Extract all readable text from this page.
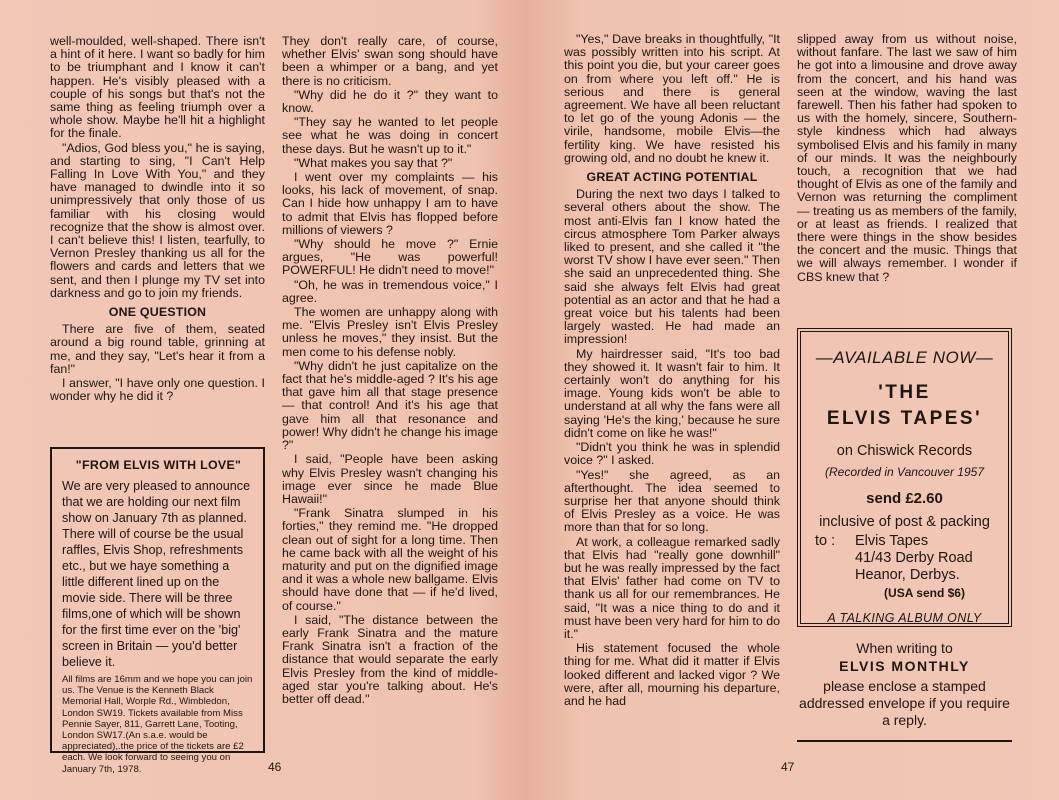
well-moulded, well-shaped. There isn't a hint of it here. I want so badly for him to be triumphant and I know it can't happen. He's visibly pleased with a couple of his songs but that's not the same thing as feeling triumph over a whole show. Maybe he'll hit a highlight for the finale.

"Adios, God bless you," he is saying, and starting to sing, "I Can't Help Falling In Love With You," and they have managed to dwindle into it so unimpressively that only those of us familiar with his closing would recognize that the show is almost over. I can't believe this! I listen, tearfully, to Vernon Presley thanking us all for the flowers and cards and letters that we sent, and then I plunge my TV set into darkness and go to join my friends.

ONE QUESTION

There are five of them, seated around a big round table, grinning at me, and they say, "Let's hear it from a fan!"

I answer, "I have only one question. I wonder why he did it ?

They don't really care, of course, whether Elvis' swan song should have been a whimper or a bang, and yet there is no criticism.

"Why did he do it ?" they want to know.

"They say he wanted to let people see what he was doing in concert these days. But he wasn't up to it."

"What makes you say that ?"

I went over my complaints — his looks, his lack of movement, of snap. Can I hide how unhappy I am to have to admit that Elvis has flopped before millions of viewers ?

"Why should he move ?" Ernie argues, "He was powerful! POWERFUL! He didn't need to move!"

"Oh, he was in tremendous voice," I agree.

The women are unhappy along with me. "Elvis Presley isn't Elvis Presley unless he moves," they insist. But the men come to his defense nobly.

"Why didn't he just capitalize on the fact that he's middle-aged ? It's his age that gave him all that stage presence — that control! And it's his age that gave him all that resonance and power! Why didn't he change his image ?"

I said, "People have been asking why Elvis Presley wasn't changing his image ever since he made Blue Hawaii!"

"Frank Sinatra slumped in his forties," they remind me. "He dropped clean out of sight for a long time. Then he came back with all the weight of his maturity and put on the dignified image and it was a whole new ballgame. Elvis should have done that — if he'd lived, of course."

I said, "The distance between the early Frank Sinatra and the mature Frank Sinatra isn't a fraction of the distance that would separate the early Elvis Presley from the kind of middle-aged star you're talking about. He's better off dead."

"FROM ELVIS WITH LOVE"
We are very pleased to announce that we are holding our next film show on January 7th as planned. There will of course be the usual raffles, Elvis Shop, refreshments etc., but we haye something a little different lined up on the movie side. There will be three films,one of which will be shown for the first time ever on the 'big' screen in Britain — you'd better believe it.
All films are 16mm and we hope you can join us. The Venue is the Kenneth Black Memorial Hall, Worple Rd., Wimbledon, London SW19. Tickets available from Miss Pennie Sayer, 811, Garrett Lane, Tooting, London SW17.(An s.a.e. would be appreciated),.the price of the tickets are £2 each. We look forward to seeing you on January 7th, 1978.	46

"Yes," Dave breaks in thoughtfully, "It was possibly written into his script. At this point you die, but your career goes on from where you left off." He is serious and there is general agreement. We have all been reluctant to let go of the young Adonis — the virile, handsome, mobile Elvis—the fertility king. We have resisted his growing old, and no doubt he knew it.

GREAT ACTING POTENTIAL

During the next two days I talked to several others about the show. The most anti-Elvis fan I know hated the circus atmosphere Tom Parker always liked to present, and she called it "the worst TV show I have ever seen." Then she said an unprecedented thing. She said she always felt Elvis had great potential as an actor and that he had a great voice but his talents had been largely wasted. He had made an impression!

My hairdresser said, "It's too bad they showed it. It wasn't fair to him. It certainly won't do anything for his image. Young kids won't be able to understand at all why the fans were all saying 'He's the king,' because he sure didn't come on like he was!"

"Didn't you think he was in splendid voice ?" I asked.

"Yes!" she agreed, as an afterthought. The idea seemed to surprise her that anyone should think of Elvis Presley as a voice. He was more than that for so long.

At work, a colleague remarked sadly that Elvis had "really gone downhill" but he was really impressed by the fact that Elvis' father had come on TV to thank us all for our remembrances. He said, "It was a nice thing to do and it must have been very hard for him to do it."

His statement focused the whole thing for me. What did it matter if Elvis looked different and lacked vigor ? We were, after all, mourning his departure, and he had

slipped away from us without noise, without fanfare. The last we saw of him he got into a limousine and drove away from the concert, and his hand was seen at the window, waving the last farewell. Then his father had spoken to us with the homely, sincere, Southern-style kindness which had always symbolised Elvis and his family in many of our minds. It was the neighbourly touch, a recognition that we had thought of Elvis as one of the family and Vernon was returning the compliment — treating us as members of the family, or at least as friends. I realized that there were things in the show besides the concert and the music. Things that we will always remember. I wonder if CBS knew that ?

—AVAILABLE NOW—
'THE
ELVIS TAPES'
on Chiswick Records
(Recorded in Vancouver 1957
send £2.60
inclusive of post & packing
to :	Elvis Tapes
41/43 Derby Road
Heanor, Derbys.
(USA send $6)
A TALKING ALBUM ONLY
When writing to
ELVIS MONTHLY
please enclose a stamped addressed envelope if you require a reply.
47
